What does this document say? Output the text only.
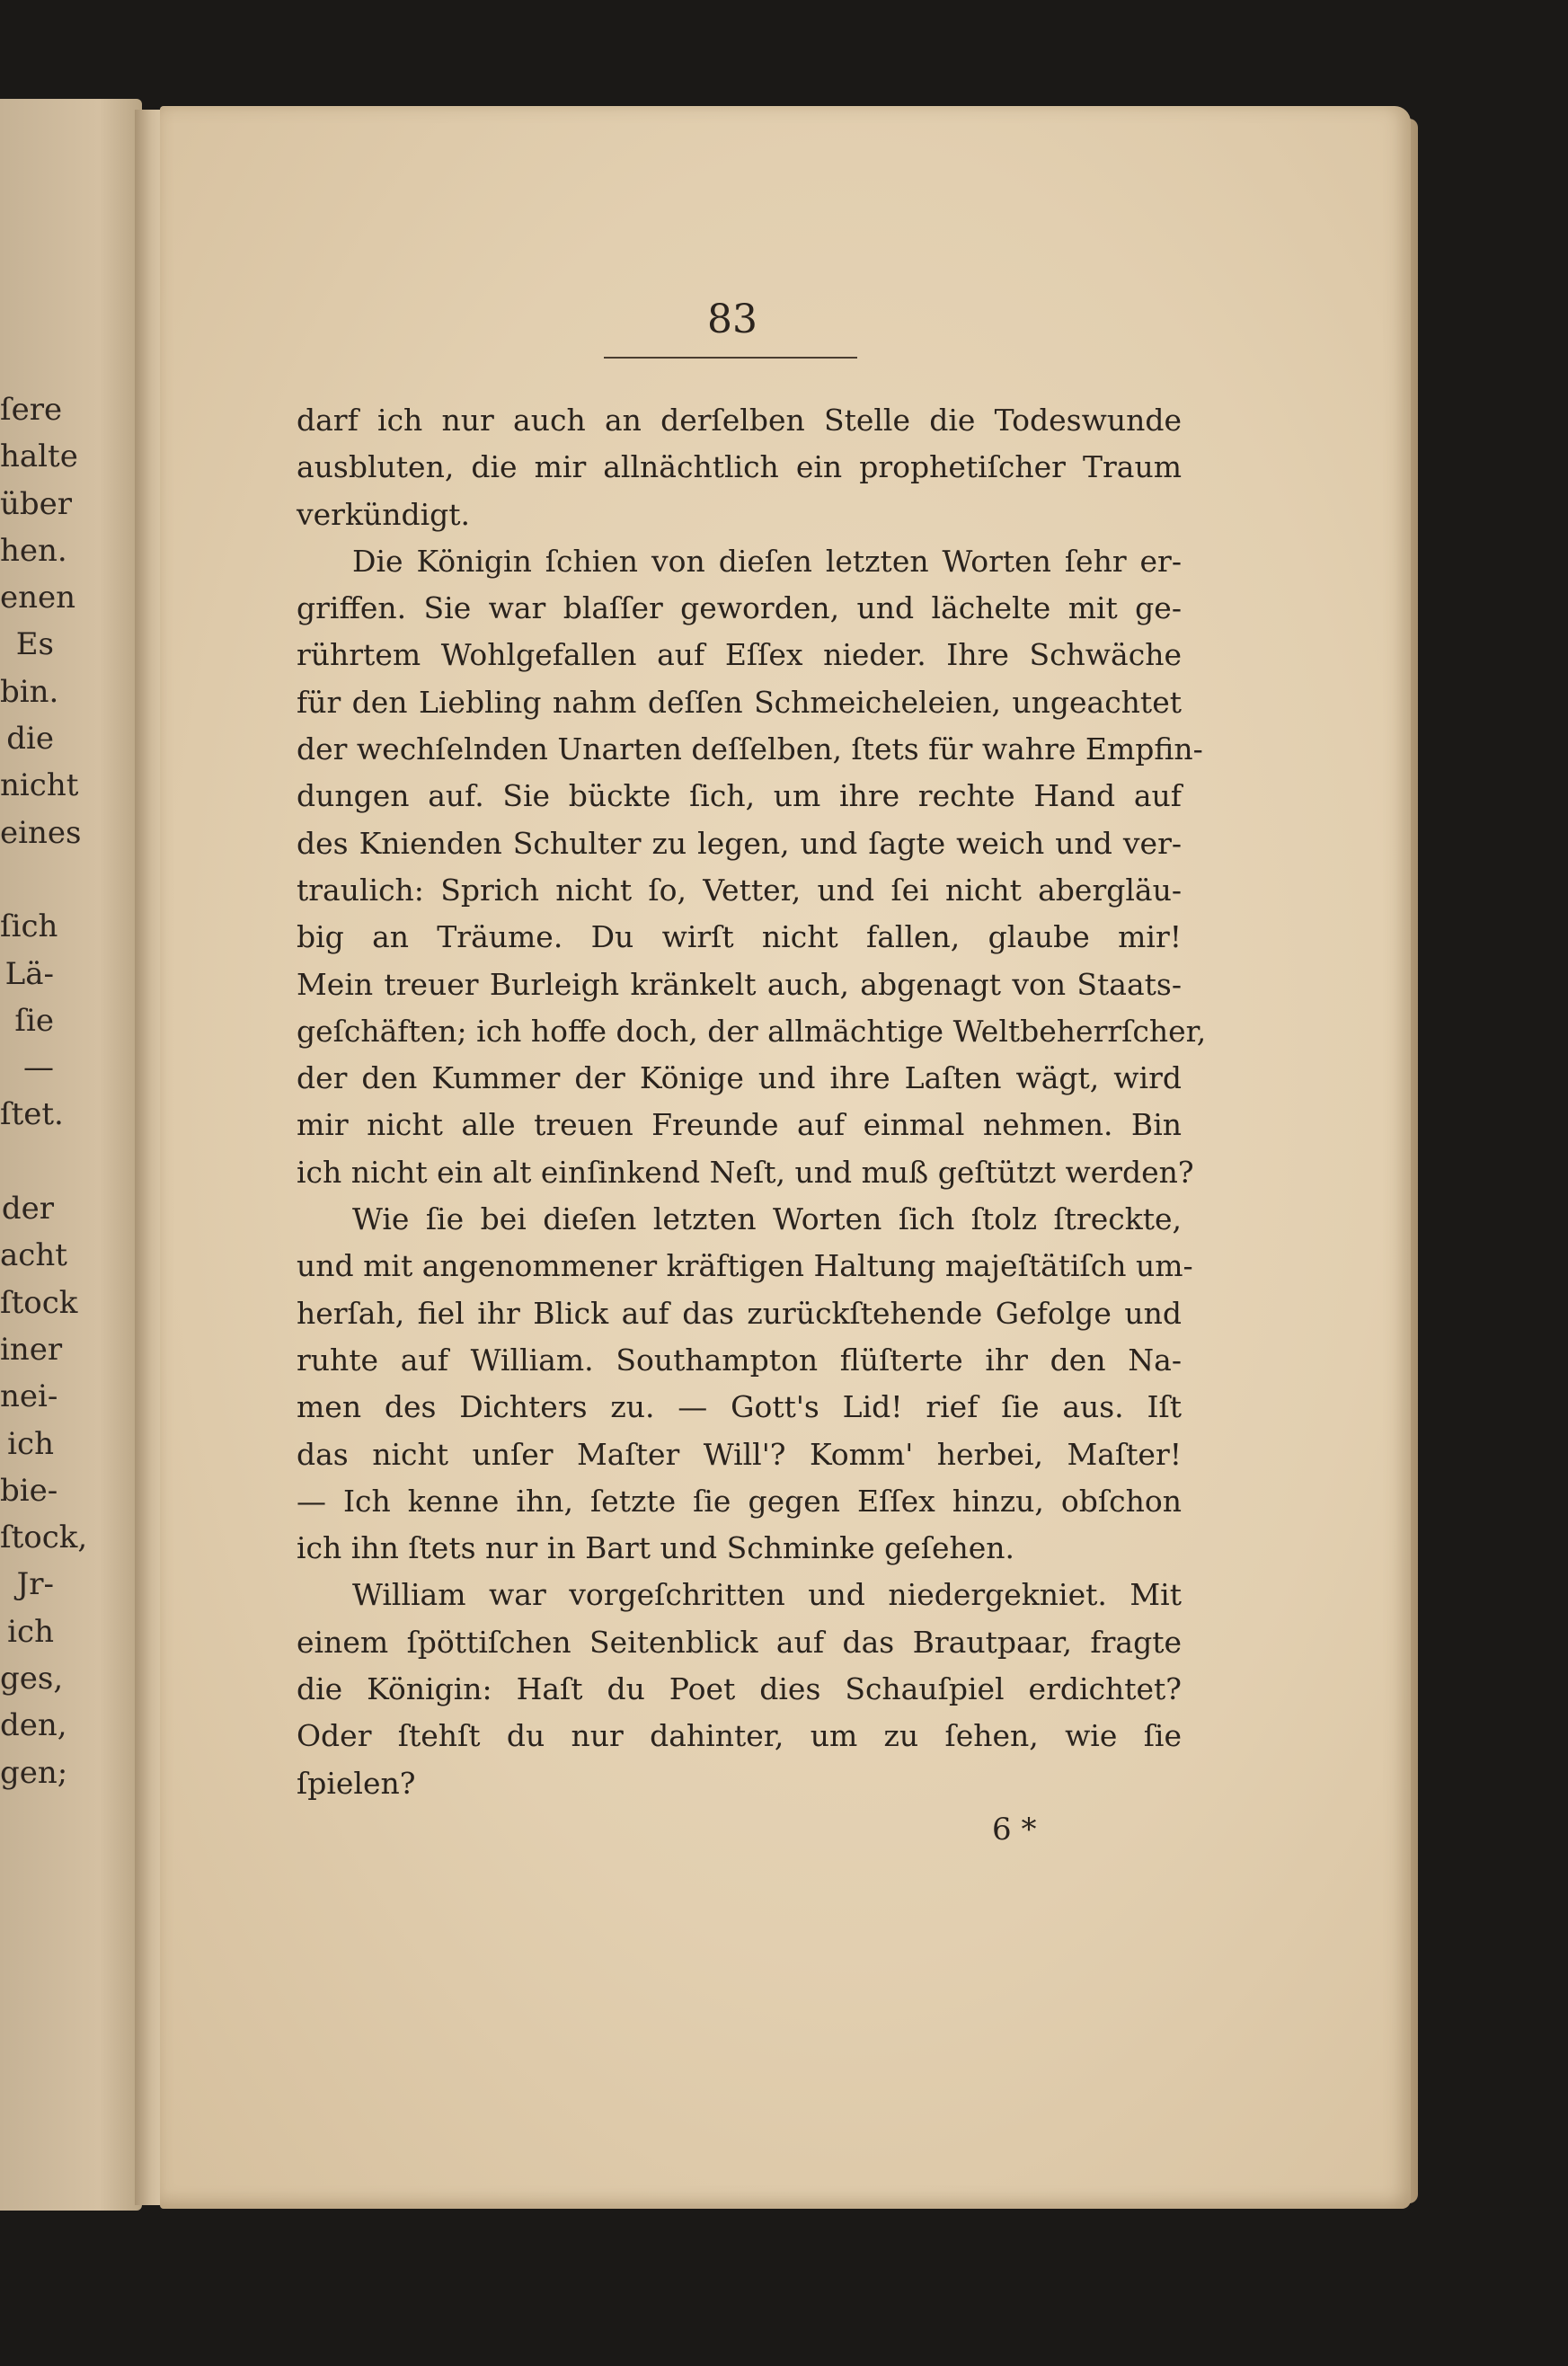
ſere
halte
über
hen.
enen
Es
bin.
die
nicht
eines
ſich
Lä-
ſie
—
ſtet.
der
acht
ſtock
iner
nei-
ich
bie-
ſtock,
Jr-
ich
ges,
den,
gen;
83
darf ich nur auch an derſelben Stelle die Todeswunde
ausbluten, die mir allnächtlich ein prophetiſcher Traum
verkündigt.
Die Königin ſchien von dieſen letzten Worten ſehr er-
griffen. Sie war blaſſer geworden, und lächelte mit ge-
rührtem Wohlgefallen auf Eſſex nieder. Ihre Schwäche
für den Liebling nahm deſſen Schmeicheleien, ungeachtet
der wechſelnden Unarten deſſelben, ſtets für wahre Empfin-
dungen auf. Sie bückte ſich, um ihre rechte Hand auf
des Knienden Schulter zu legen, und ſagte weich und ver-
traulich: Sprich nicht ſo, Vetter, und ſei nicht abergläu-
big an Träume. Du wirſt nicht fallen, glaube mir!
Mein treuer Burleigh kränkelt auch, abgenagt von Staats-
geſchäften; ich hoffe doch, der allmächtige Weltbeherrſcher,
der den Kummer der Könige und ihre Laſten wägt, wird
mir nicht alle treuen Freunde auf einmal nehmen. Bin
ich nicht ein alt einſinkend Neſt, und muß geſtützt werden?
Wie ſie bei dieſen letzten Worten ſich ſtolz ſtreckte,
und mit angenommener kräftigen Haltung majeſtätiſch um-
herſah, fiel ihr Blick auf das zurückſtehende Gefolge und
ruhte auf William. Southampton flüſterte ihr den Na-
men des Dichters zu. — Gott's Lid! rief ſie aus. Iſt
das nicht unſer Maſter Will'? Komm' herbei, Maſter!
— Ich kenne ihn, ſetzte ſie gegen Eſſex hinzu, obſchon
ich ihn ſtets nur in Bart und Schminke geſehen.
William war vorgeſchritten und niedergekniet. Mit
einem ſpöttiſchen Seitenblick auf das Brautpaar, fragte
die Königin: Haſt du Poet dies Schauſpiel erdichtet?
Oder ſtehſt du nur dahinter, um zu ſehen, wie ſie
ſpielen?
6 *
